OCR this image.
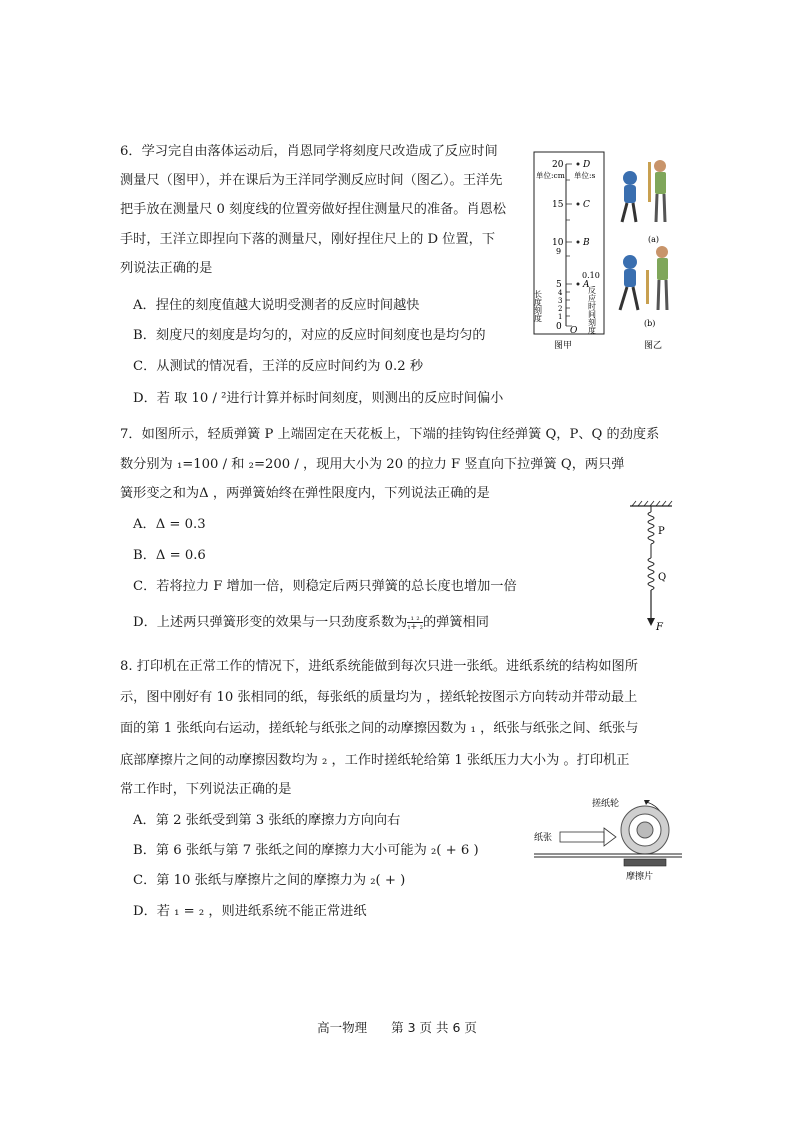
6．学习完自由落体运动后，肖恩同学将刻度尺改造成了反应时间
测量尺（图甲），并在课后为王洋同学测反应时间（图乙）。王洋先
把手放在测量尺 0 刻度线的位置旁做好捏住测量尺的准备。肖恩松
手时，王洋立即捏向下落的测量尺，刚好捏住尺上的 D 位置，下
列说法正确的是
A．捏住的刻度值越大说明受测者的反应时间越快
B．刻度尺的刻度是均匀的，对应的反应时间刻度也是均匀的
C．从测试的情况看，王洋的反应时间约为 0.2 秒
D．若 取 10 / ²进行计算并标时间刻度，则测出的反应时间偏小
20
15
10
5
0
9
4
3
2
1
单位:cm 单位:s
D
C
B
A
O
0.10
长度刻度	反应时间刻度
图甲
(a)
(b)
图乙
7．如图所示，轻质弹簧 P 上端固定在天花板上，下端的挂钩钩住经弹簧 Q，P、Q 的劲度系
数分别为 ₁=100 / 和 ₂=200 / ，现用大小为 20 的拉力 F 竖直向下拉弹簧 Q，两只弹
簧形变之和为Δ ，两弹簧始终在弹性限度内，下列说法正确的是
A．Δ = 0.3
B．Δ = 0.6
C．若将拉力 F 增加一倍，则稳定后两只弹簧的总长度也增加一倍
D．上述两只弹簧形变的效果与一只劲度系数为 $\frac{\text{₁ ₂}}{\text{₁+ ₂}}$ 的弹簧相同
P
Q
F
8. 打印机在正常工作的情况下，进纸系统能做到每次只进一张纸。进纸系统的结构如图所
示，图中刚好有 10 张相同的纸，每张纸的质量均为 ，搓纸轮按图示方向转动并带动最上
面的第 1 张纸向右运动，搓纸轮与纸张之间的动摩擦因数为 ₁ ，纸张与纸张之间、纸张与
底部摩擦片之间的动摩擦因数均为 ₂ ，工作时搓纸轮给第 1 张纸压力大小为 。打印机正
常工作时，下列说法正确的是
A．第 2 张纸受到第 3 张纸的摩擦力方向向右
B．第 6 张纸与第 7 张纸之间的摩擦力大小可能为 ₂( + 6 )
C．第 10 张纸与摩擦片之间的摩擦力为 ₂( + )
D．若 ₁ = ₂ ，则进纸系统不能正常进纸
搓纸轮
纸张
摩擦片
高一物理 第 3 页 共 6 页
